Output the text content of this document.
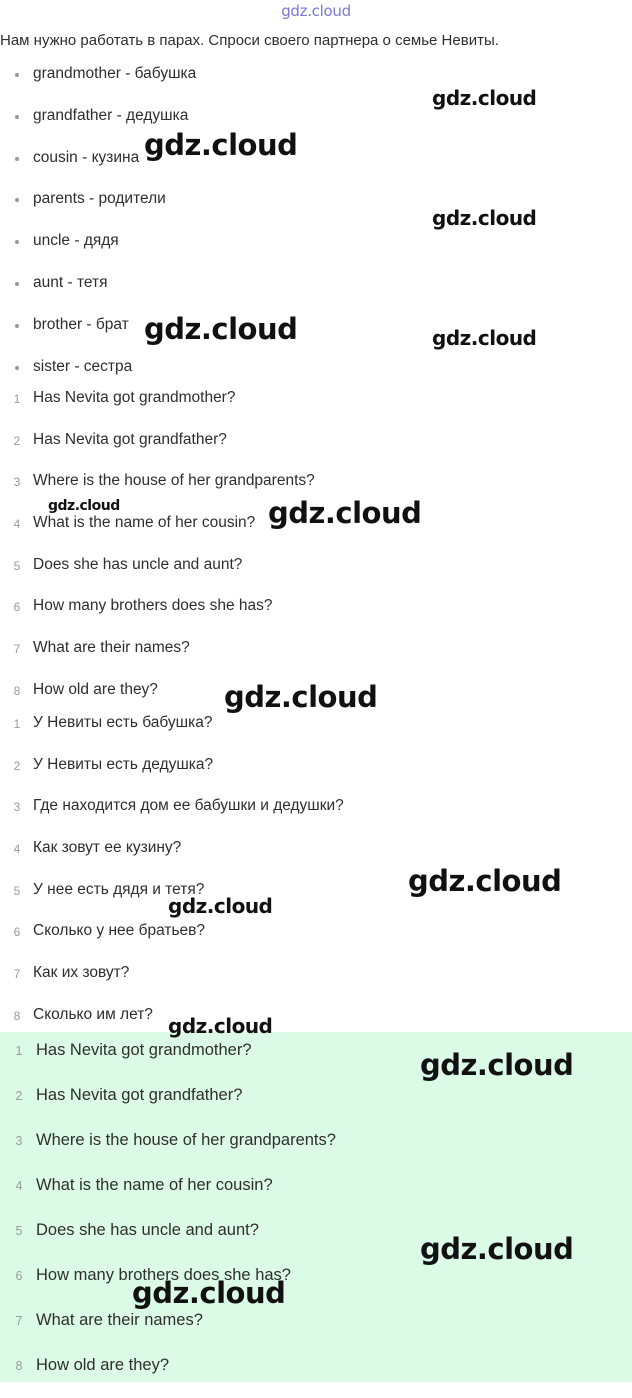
gdz.cloud
Нам нужно работать в парах. Спроси своего партнера о семье Невиты.
grandmother - бабушка
grandfather - дедушка
cousin - кузина
parents - родители
uncle - дядя
aunt - тетя
brother - брат
sister - сестра
1 Has Nevita got grandmother?
2 Has Nevita got grandfather?
3 Where is the house of her grandparents?
4 What is the name of her cousin?
5 Does she has uncle and aunt?
6 How many brothers does she has?
7 What are their names?
8 How old are they?
1 У Невиты есть бабушка?
2 У Невиты есть дедушка?
3 Где находится дом ее бабушки и дедушки?
4 Как зовут ее кузину?
5 У нее есть дядя и тетя?
6 Сколько у нее братьев?
7 Как их зовут?
8 Сколько им лет?
1 Has Nevita got grandmother?
2 Has Nevita got grandfather?
3 Where is the house of her grandparents?
4 What is the name of her cousin?
5 Does she has uncle and aunt?
6 How many brothers does she has?
7 What are their names?
8 How old are they?
gdz.cloud
gdz.cloud
gdz.cloud
gdz.cloud	gdz.cloud
gdz.cloud	gdz.cloud
gdz.cloud
gdz.cloud
gdz.cloud
gdz.cloud
gdz.cloud
gdz.cloud
gdz.cloud
